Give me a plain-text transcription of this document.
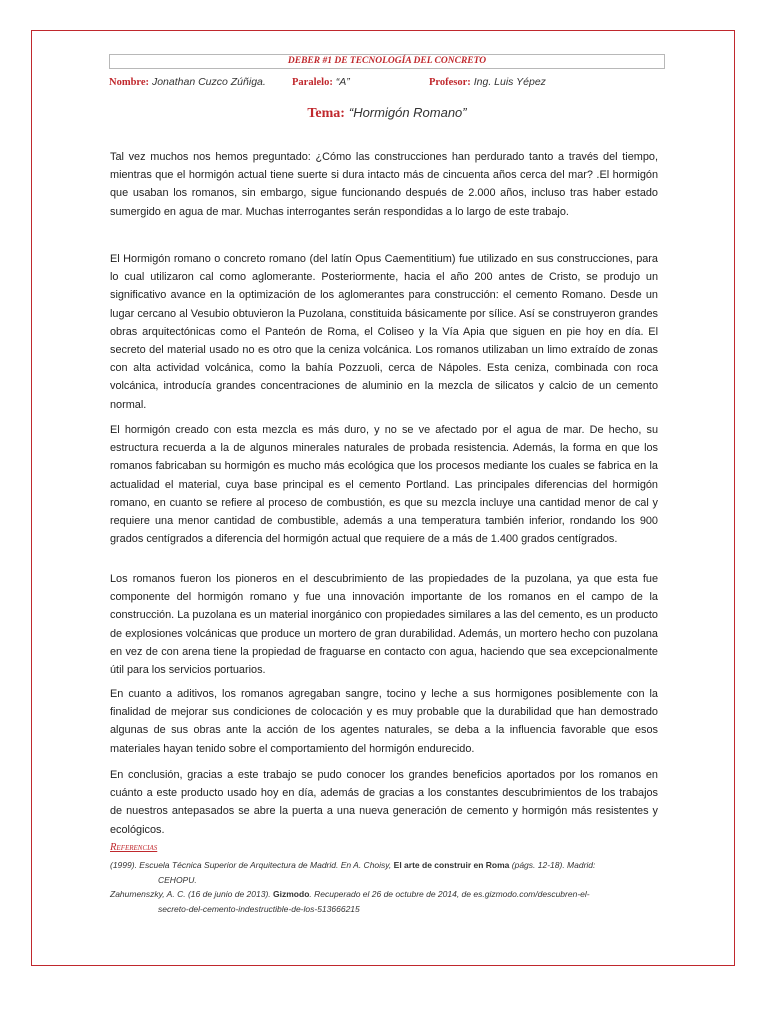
DEBER #1 DE TECNOLOGÍA DEL CONCRETO
Nombre: Jonathan Cuzco Zúñiga. Paralelo: “A”	Profesor: Ing. Luis Yépez
Tema: “Hormigón Romano”

Tal vez muchos nos hemos preguntado: ¿Cómo las construcciones han perdurado tanto a través del tiempo, mientras que el hormigón actual tiene suerte si dura intacto más de cincuenta años cerca del mar? .El hormigón que usaban los romanos, sin embargo, sigue funcionando después de 2.000 años, incluso tras haber estado sumergido en agua de mar. Muchas interrogantes serán respondidas a lo largo de este trabajo.

El Hormigón romano o concreto romano (del latín Opus Caementitium) fue utilizado en sus construcciones, para lo cual utilizaron cal como aglomerante. Posteriormente, hacia el año 200 antes de Cristo, se produjo un significativo avance en la optimización de los aglomerantes para construcción: el cemento Romano. Desde un lugar cercano al Vesubio obtuvieron la Puzolana, constituida básicamente por sílice. Así se construyeron grandes obras arquitectónicas como el Panteón de Roma, el Coliseo y la Vía Apia que siguen en pie hoy en día. El secreto del material usado no es otro que la ceniza volcánica. Los romanos utilizaban un limo extraído de zonas con alta actividad volcánica, como la bahía Pozzuoli, cerca de Nápoles. Esta ceniza, combinada con roca volcánica, introducía grandes concentraciones de aluminio en la mezcla de silicatos y calcio de un cemento normal.

El hormigón creado con esta mezcla es más duro, y no se ve afectado por el agua de mar. De hecho, su estructura recuerda a la de algunos minerales naturales de probada resistencia. Además, la forma en que los romanos fabricaban su hormigón es mucho más ecológica que los procesos mediante los cuales se fabrica en la actualidad el material, cuya base principal es el cemento Portland. Las principales diferencias del hormigón romano, en cuanto se refiere al proceso de combustión, es que su mezcla incluye una cantidad menor de cal y requiere una menor cantidad de combustible, además a una temperatura también inferior, rondando los 900 grados centígrados a diferencia del hormigón actual que requiere de a más de 1.400 grados centígrados.

Los romanos fueron los pioneros en el descubrimiento de las propiedades de la puzolana, ya que esta fue componente del hormigón romano y fue una innovación importante de los romanos en el campo de la construcción. La puzolana es un material inorgánico con propiedades similares a las del cemento, es un producto de explosiones volcánicas que produce un mortero de gran durabilidad. Además, un mortero hecho con puzolana en vez de con arena tiene la propiedad de fraguarse en contacto con agua, haciendo que sea excepcionalmente útil para los servicios portuarios.

En cuanto a aditivos, los romanos agregaban sangre, tocino y leche a sus hormigones posiblemente con la finalidad de mejorar sus condiciones de colocación y es muy probable que la durabilidad que han demostrado algunas de sus obras ante la acción de los agentes naturales, se deba a la influencia favorable que esos materiales hayan tenido sobre el comportamiento del hormigón endurecido.

En conclusión, gracias a este trabajo se pudo conocer los grandes beneficios aportados por los romanos en cuánto a este producto usado hoy en día, además de gracias a los constantes descubrimientos de los trabajos de nuestros antepasados se abre la puerta a una nueva generación de cemento y hormigón más resistentes y ecológicos.

Referencias
(1999). Escuela Técnica Superior de Arquitectura de Madrid. En A. Choisy, El arte de construir en Roma (págs. 12-18). Madrid:
CEHOPU.
Zahumenszky, A. C. (16 de junio de 2013). Gizmodo. Recuperado el 26 de octubre de 2014, de es.gizmodo.com/descubren-el-
secreto-del-cemento-indestructible-de-los-513666215
